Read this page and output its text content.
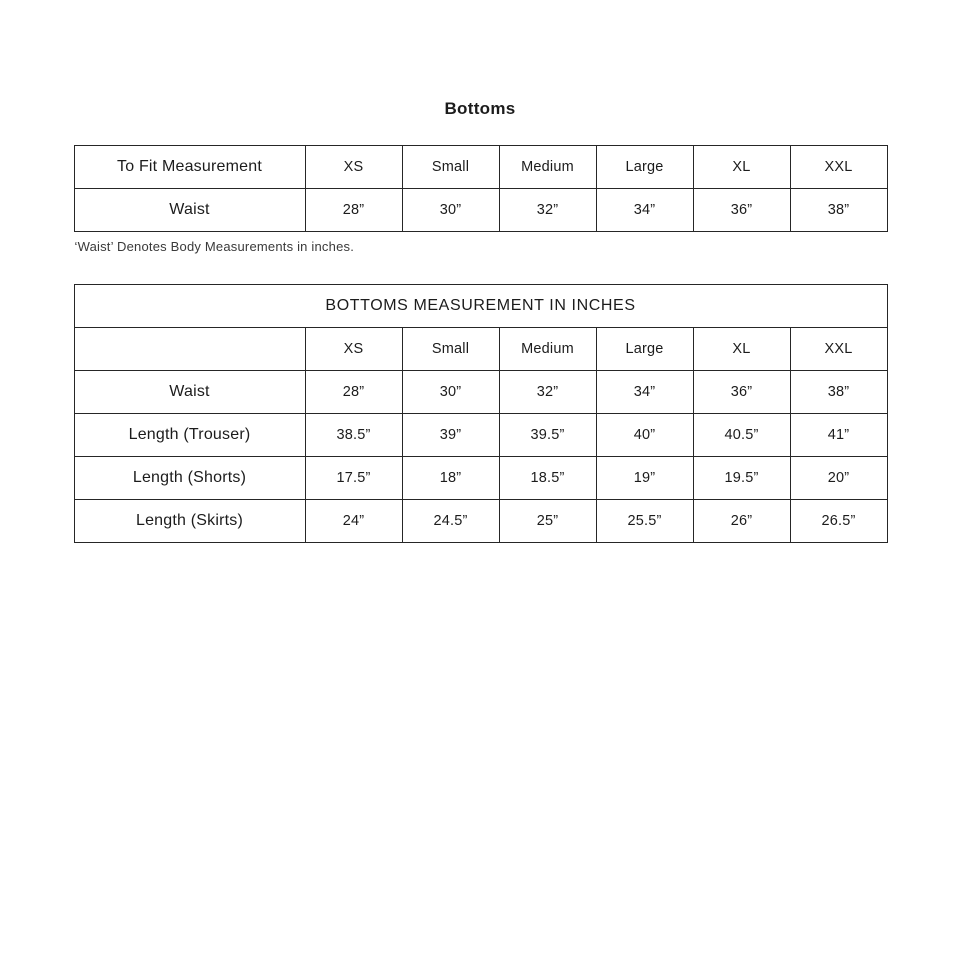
Bottoms
To Fit Measurement	XS	Small	Medium	Large	XL	XXL
Waist	28”	30”	32”	34”	36”	38”

‘Waist’ Denotes Body Measurements in inches.

BOTTOMS MEASUREMENT IN INCHES						
	XS	Small	Medium	Large	XL	XXL
Waist	28”	30”	32”	34”	36”	38”
Length (Trouser)	38.5”	39”	39.5”	40”	40.5”	41”
Length (Shorts)	17.5”	18”	18.5”	19”	19.5”	20”
Length (Skirts)	24”	24.5”	25”	25.5”	26”	26.5”
